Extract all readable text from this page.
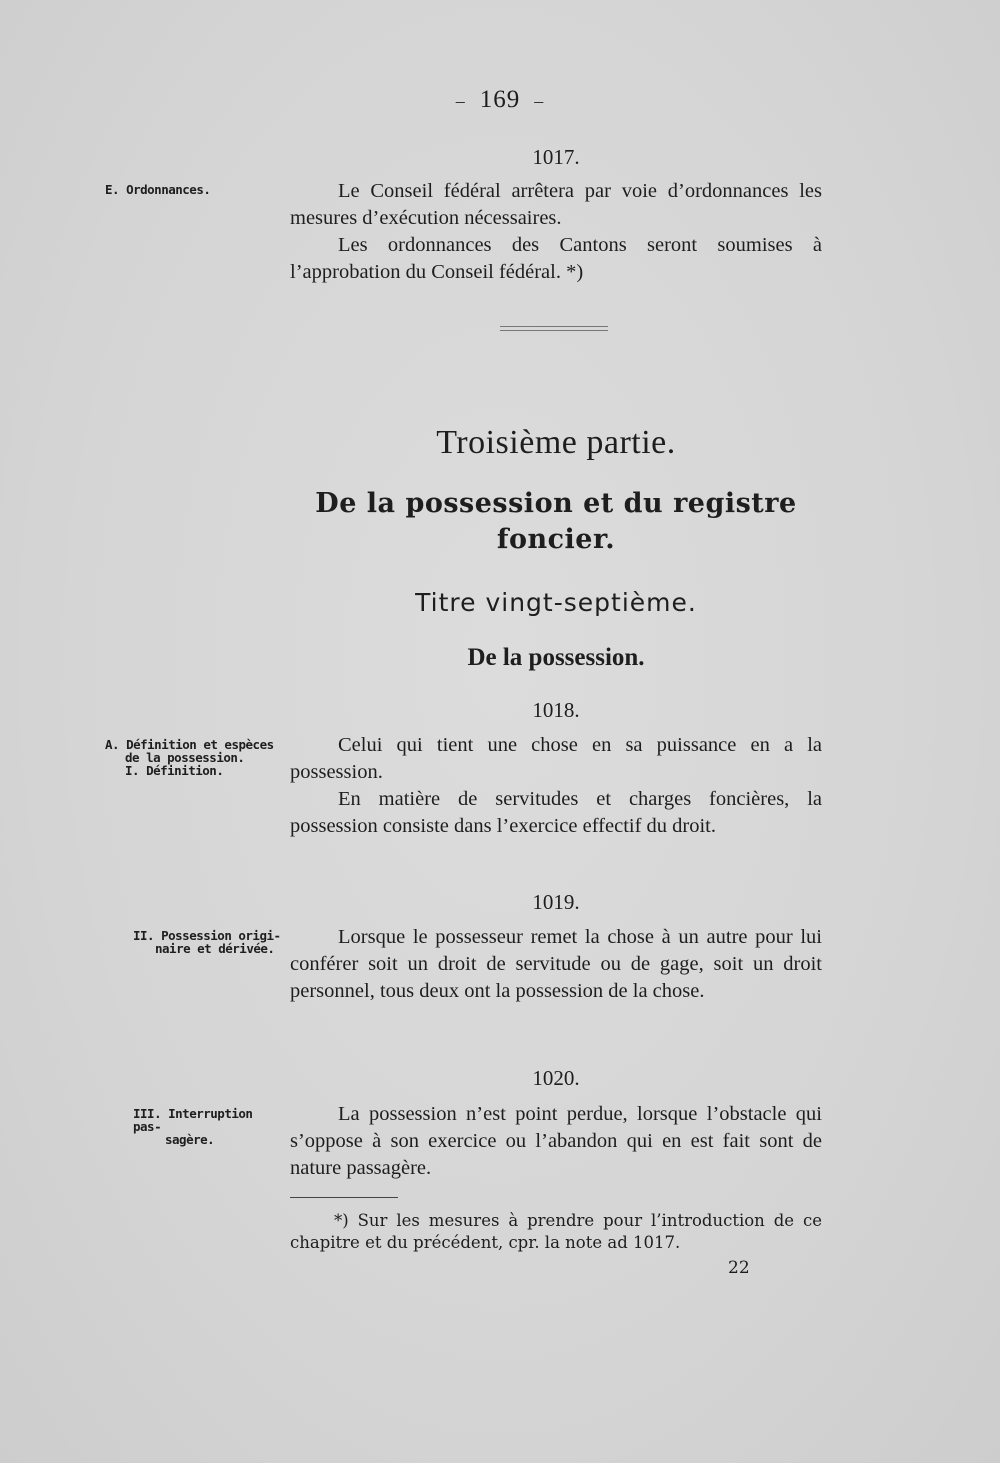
– 169 –
1017.
E. Ordonnances.	Le Conseil fédéral arrêtera par voie d’ordonnances les mesures d’exécution nécessaires.

Les ordonnances des Cantons seront soumises à l’approbation du Conseil fédéral. *)

Troisième partie.
De la possession et du registre foncier.
Titre vingt-septième.
De la possession.
1018.
A. Définition et espèces
de la possession.
I. Définition.

Celui qui tient une chose en sa puissance en a la possession.

En matière de servitudes et charges foncières, la possession consiste dans l’exercice effectif du droit.

1019.
II. Possession origi-
naire et dérivée.

Lorsque le possesseur remet la chose à un autre pour lui conférer soit un droit de servitude ou de gage, soit un droit personnel, tous deux ont la possession de la chose.

1020.
III. Interruption pas-
sagère.

La possession n’est point perdue, lorsque l’obstacle qui s’oppose à son exercice ou l’abandon qui en est fait sont de nature passagère.

*) Sur les mesures à prendre pour l’introduction de ce chapitre et du précédent, cpr. la note ad 1017.

22
